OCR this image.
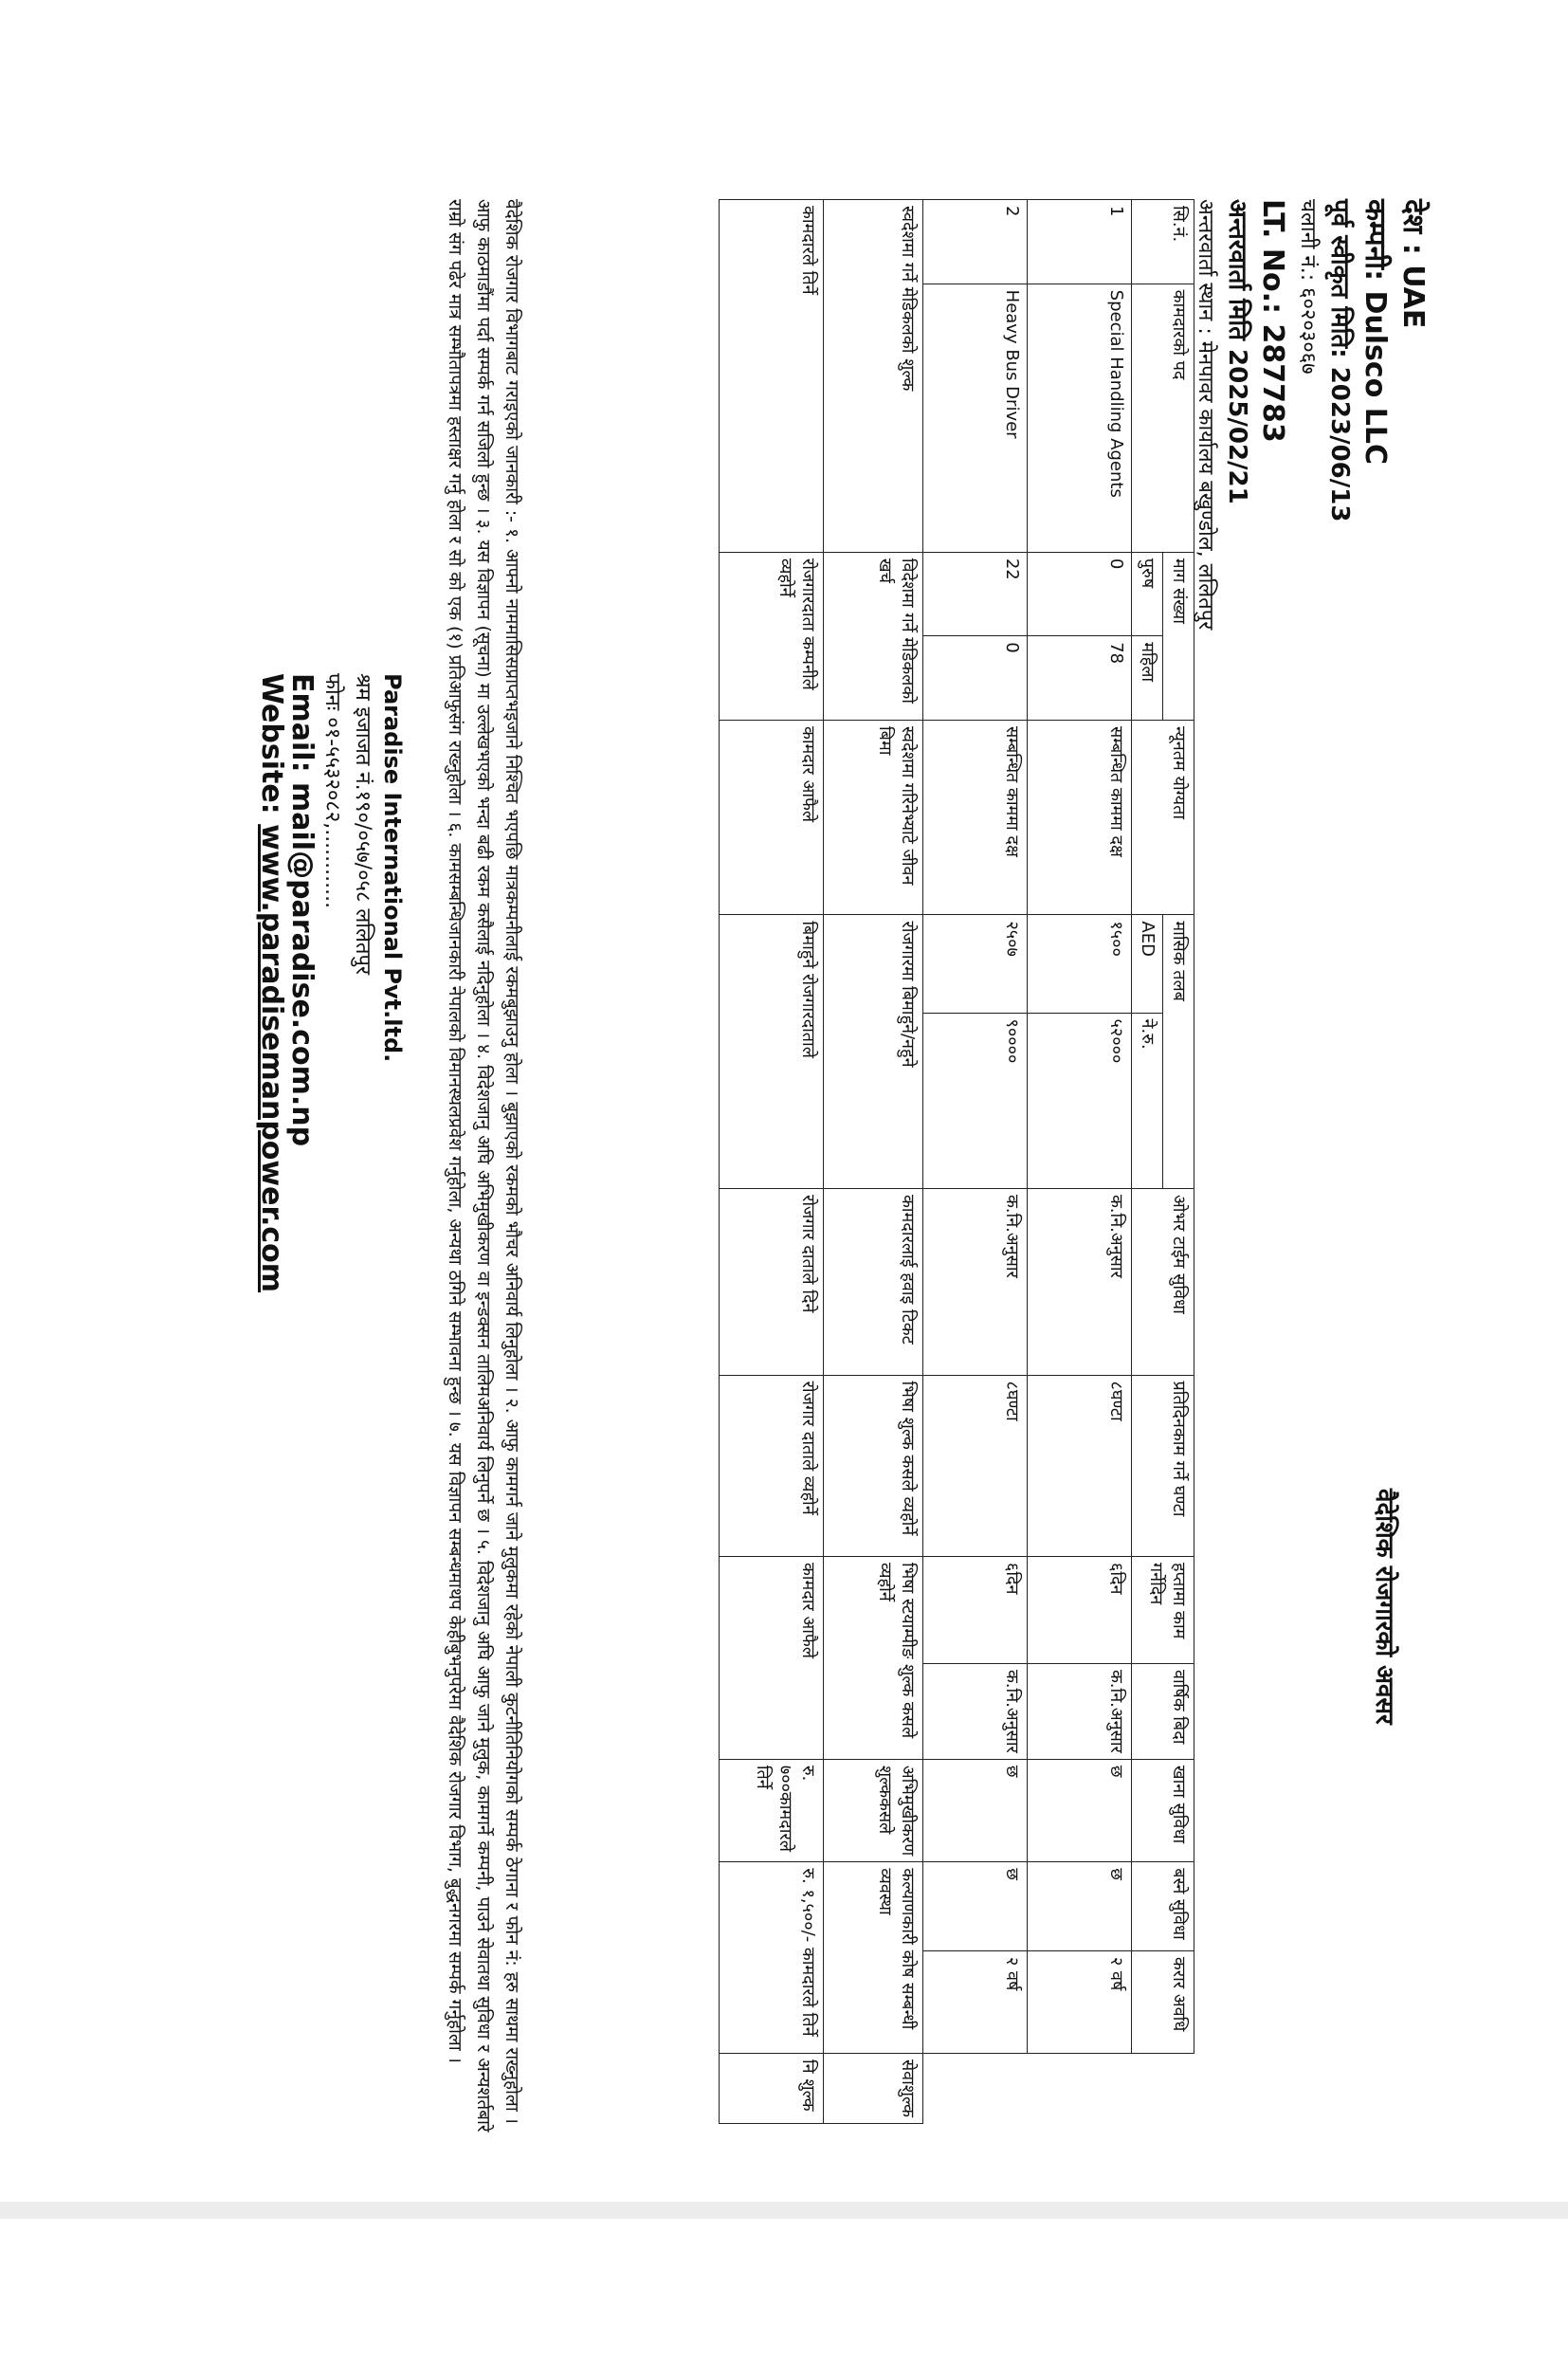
देश : UAE
कम्पनी: Dulsco LLC
पूर्व स्वीकृत मिति: 2023/06/13
चलानी नं.: ६०२०३०६७
LT. No.: 287783
अन्तरवार्ता मिति 2025/02/21
अन्तरवार्ता स्थान : मेनपावर कार्यालय बखुण्डोल, ललितपुर
वैदेशिक रोजगारको अवसर
सि.नं.	कामदारको पद	माग संख्या		न्यूनतम योग्यता	मासिक तलब		ओभर टाईम सुविधा	प्रतिदिनकाम गर्ने घण्टा	हप्तामा काम गर्नेदिन	वार्षिक बिदा	खाना सुविधा	बस्ने सुविधा	करार अवधि	
		पुरुष	महिला		AED	ने.रु.								
1	Special Handling Agents	0	78	सम्बन्धित काममा दक्ष	१५००	५२०००	क.नि.अनुसार	८घण्टा	६दिन	क.नि.अनुसार	छ	छ	२ वर्ष	
2	Heavy Bus Driver	22	0	सम्बन्धित काममा दक्ष	२५०७	९००००	क.नि.अनुसार	८घण्टा	६दिन	क.नि.अनुसार	छ	छ	२ वर्ष	
स्वदेशमा गर्ने मेडिकलको शुल्क		विदेशमा गर्ने मेडिकलको खर्च		स्वदेशमा गरिनेभ्याटे जीवन बिमा	रोजगारमा बिमाहुने/नहुने		कामदारलाई हवाइ टिकट	भिषा शुल्क कसले व्यहोर्ने	भिषा स्टयाम्पीङ शुल्क कसले व्यहोर्ने		अभिमुखीकरण शुल्ककसले	कल्याणकारी कोष सम्बन्धी व्यवस्था		सेवाशुल्क
कामदारले तिर्ने		रोजगारदाता कम्पनीले व्यहोर्ने		कामदार आफैले	बिमाहुने रोजगारदाताले		रोजगार दाताले दिने	रोजगार दाताले व्यहोर्ने	कामदार आफैले		रु. ७००कामदारले तिर्ने	रु. १,५००/- कामदारले तिर्ने		नि शुल्क
वैदेशिक रोजगार विभागबाट गराइएको जानकारी :- १. आफ्नो नाममासिसप्राप्तभइजाने निश्चित भएपछि मात्रकम्पनीलाई रकमबुझाउनु होला । बुझाएको रकमको भौचर अनिवार्य लिनुहोला । २. आफु कामगर्न जाने मुलुकमा रहेको नेपाली कुटनीतिनियोगको सम्पर्क ठेगाना र फोन नं: हरु साथमा राख्नुहोला । आफु काठमाडौंमा पर्दा सम्पर्क गर्न सजिलो हुन्छ । ३. यस विज्ञापन (सूचना) मा उल्लेखभएको भन्दा बढी रकम कसैलाई नदिनुहोला । ४. विदेशजानु अघि अभिमुखीकरण वा इन्डक्सन तालिमअनिवार्य लिनुपर्ने छ । ५. विदेशजानु अघि आफु जाने मुलुक, कामगर्ने कम्पनी, पाउने सेवातथा सुविधा र अन्यशर्तबारे राम्रो संग पढेर मात्र सम्भौतापत्रमा हस्ताक्षर गर्नु होला र सो को एक (१) प्रतिआफुसंग राख्नुहोला । ६. कामसम्बन्धिजानकारी नेपालको विमानस्थलप्रवेश गर्नुहोला, अन्यथा ठगिने सम्भावना हुन्छ । ७. यस विज्ञापन सम्बन्धमाथप केहीबुभनुपरेमा वैदेशिक रोजगार विभाग, बुद्धनगरमा सम्पर्क गर्नुहोला ।
Paradise International Pvt.ltd.
श्रम इजाजत नं.१९०/०५७/०५८ ललितपुर
फोनः ०१-५५३२०८२,............
Email: mail@paradise.com.np
Website: www.paradisemanpower.com
